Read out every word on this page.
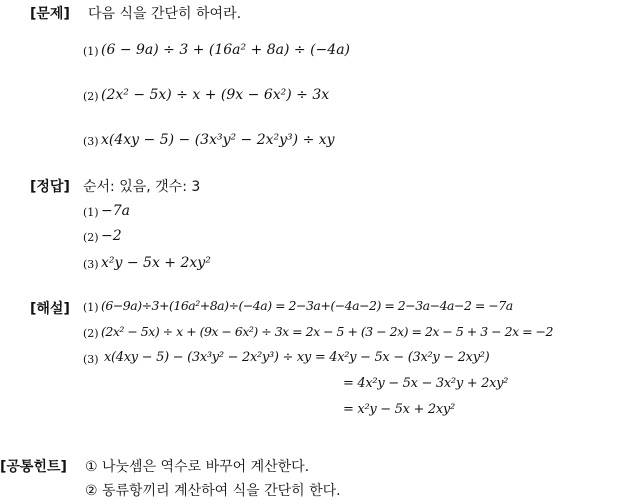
[문제] 다음 식을 간단히 하여라.
(1) (6 − 9a) ÷ 3 + (16a² + 8a) ÷ (−4a)
(2) (2x² − 5x) ÷ x + (9x − 6x²) ÷ 3x
(3) x(4xy − 5) − (3x³y² − 2x²y³) ÷ xy
[정답] 순서: 있음, 갯수: 3
(1) −7a
(2) −2
(3) x²y − 5x + 2xy²
[해설] (1) (6−9a)÷3+(16a²+8a)÷(−4a) = 2−3a+(−4a−2) = 2−3a−4a−2 = −7a
(2) (2x² − 5x) ÷ x + (9x − 6x²) ÷ 3x = 2x − 5 + (3 − 2x) = 2x − 5 + 3 − 2x = −2
(3) x(4xy − 5) − (3x³y² − 2x²y³) ÷ xy = 4x²y − 5x − (3x²y − 2xy²)
= 4x²y − 5x − 3x²y + 2xy²
= x²y − 5x + 2xy²
[공통힌트] ① 나눗셈은 역수로 바꾸어 계산한다.
② 동류항끼리 계산하여 식을 간단히 한다.
